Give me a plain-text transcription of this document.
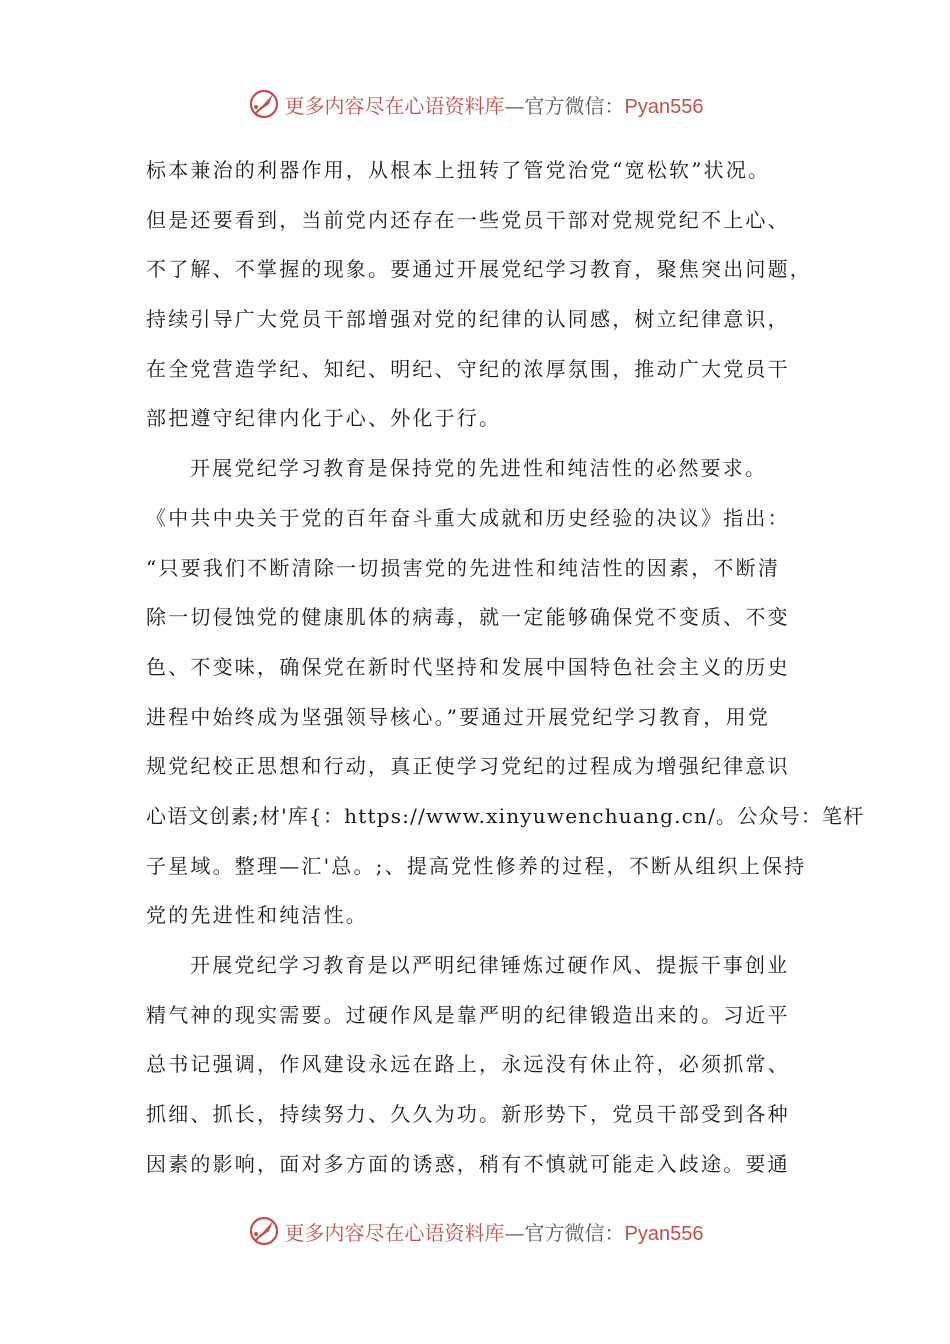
更多内容尽在心语资料库—官方微信：Pyan556
标本兼治的利器作用，从根本上扭转了管党治党“宽松软”状况。
但是还要看到，当前党内还存在一些党员干部对党规党纪不上心、
不了解、不掌握的现象。要通过开展党纪学习教育，聚焦突出问题，
持续引导广大党员干部增强对党的纪律的认同感，树立纪律意识，
在全党营造学纪、知纪、明纪、守纪的浓厚氛围，推动广大党员干
部把遵守纪律内化于心、外化于行。
开展党纪学习教育是保持党的先进性和纯洁性的必然要求。
《中共中央关于党的百年奋斗重大成就和历史经验的决议》指出：
“只要我们不断清除一切损害党的先进性和纯洁性的因素，不断清
除一切侵蚀党的健康肌体的病毒，就一定能够确保党不变质、不变
色、不变味，确保党在新时代坚持和发展中国特色社会主义的历史
进程中始终成为坚强领导核心。”要通过开展党纪学习教育，用党
规党纪校正思想和行动，真正使学习党纪的过程成为增强纪律意识
心语文创素;材'库{：https://www.xinyuwenchuang.cn/。公众号：笔杆
子星域。整理—汇'总。;、提高党性修养的过程，不断从组织上保持
党的先进性和纯洁性。
开展党纪学习教育是以严明纪律锤炼过硬作风、提振干事创业
精气神的现实需要。过硬作风是靠严明的纪律锻造出来的。习近平
总书记强调，作风建设永远在路上，永远没有休止符，必须抓常、
抓细、抓长，持续努力、久久为功。新形势下，党员干部受到各种
因素的影响，面对多方面的诱惑，稍有不慎就可能走入歧途。要通
更多内容尽在心语资料库—官方微信：Pyan556
